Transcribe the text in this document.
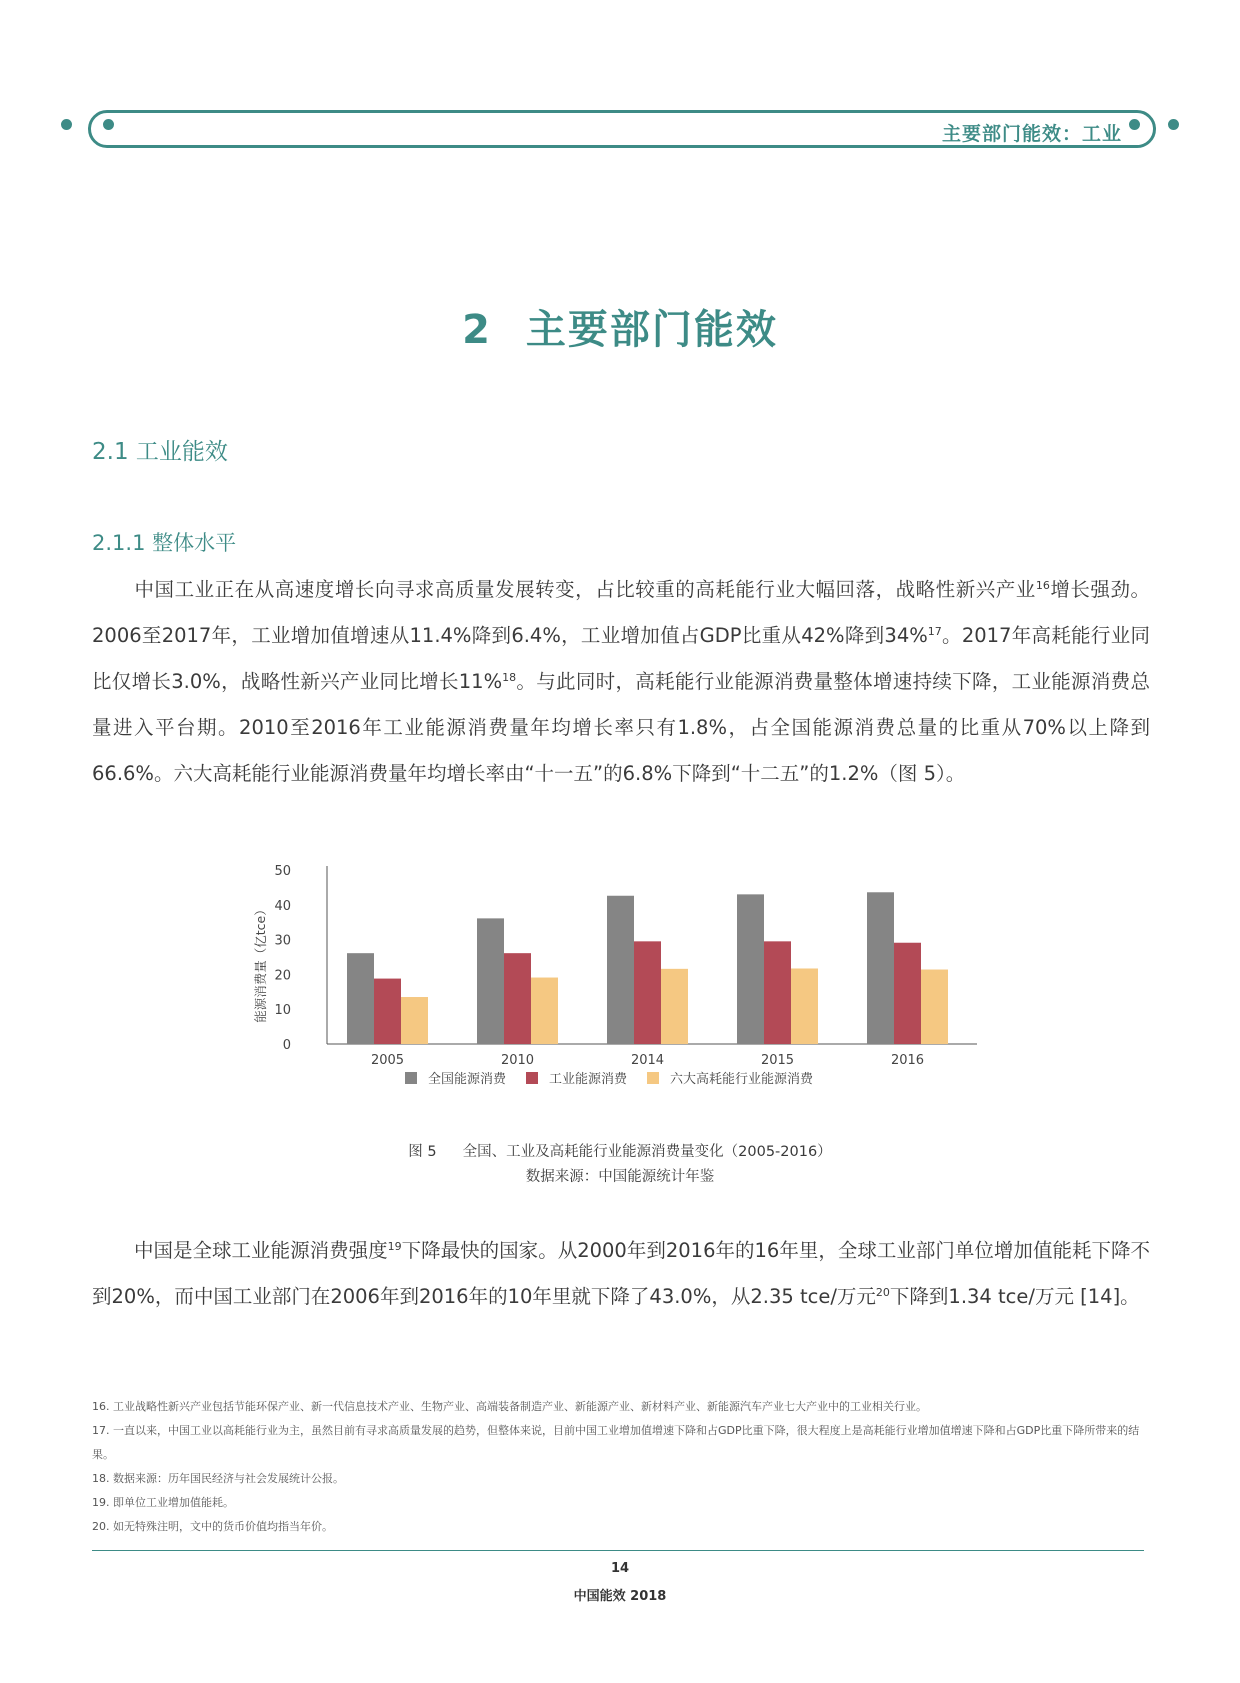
主要部门能效：工业
2 主要部门能效
2.1 工业能效
2.1.1 整体水平

中国工业正在从高速度增长向寻求高质量发展转变，占比较重的高耗能行业大幅回落，战略性新兴产业$^{16}$增长强劲。2006至2017年，工业增加值增速从11.4%降到6.4%，工业增加值占GDP比重从42%降到34%$^{17}$。2017年高耗能行业同比仅增长3.0%，战略性新兴产业同比增长11%$^{18}$。与此同时，高耗能行业能源消费量整体增速持续下降，工业能源消费总量进入平台期。2010至2016年工业能源消费量年均增长率只有1.8%，占全国能源消费总量的比重从70%以上降到66.6%。六大高耗能行业能源消费量年均增长率由“十一五”的6.8%下降到“十二五”的1.2%（图 5）。

0
10
20
30
40
50
能源消费量（亿tce）
2005	2010	2014	2015	2016
全国能源消费	工业能源消费	六大高耗能行业能源消费
图 5 全国、工业及高耗能行业能源消费量变化（2005-2016）
数据来源：中国能源统计年鉴

中国是全球工业能源消费强度$^{19}$下降最快的国家。从2000年到2016年的16年里，全球工业部门单位增加值能耗下降不到20%，而中国工业部门在2006年到2016年的10年里就下降了43.0%，从2.35 tce/万元$^{20}$下降到1.34 tce/万元 [14]。

16. 工业战略性新兴产业包括节能环保产业、新一代信息技术产业、生物产业、高端装备制造产业、新能源产业、新材料产业、新能源汽车产业七大产业中的工业相关行业。

17. 一直以来，中国工业以高耗能行业为主，虽然目前有寻求高质量发展的趋势，但整体来说，目前中国工业增加值增速下降和占GDP比重下降，很大程度上是高耗能行业增加值增速下降和占GDP比重下降所带来的结果。

18. 数据来源：历年国民经济与社会发展统计公报。

19. 即单位工业增加值能耗。

20. 如无特殊注明，文中的货币价值均指当年价。

14
中国能效 2018
